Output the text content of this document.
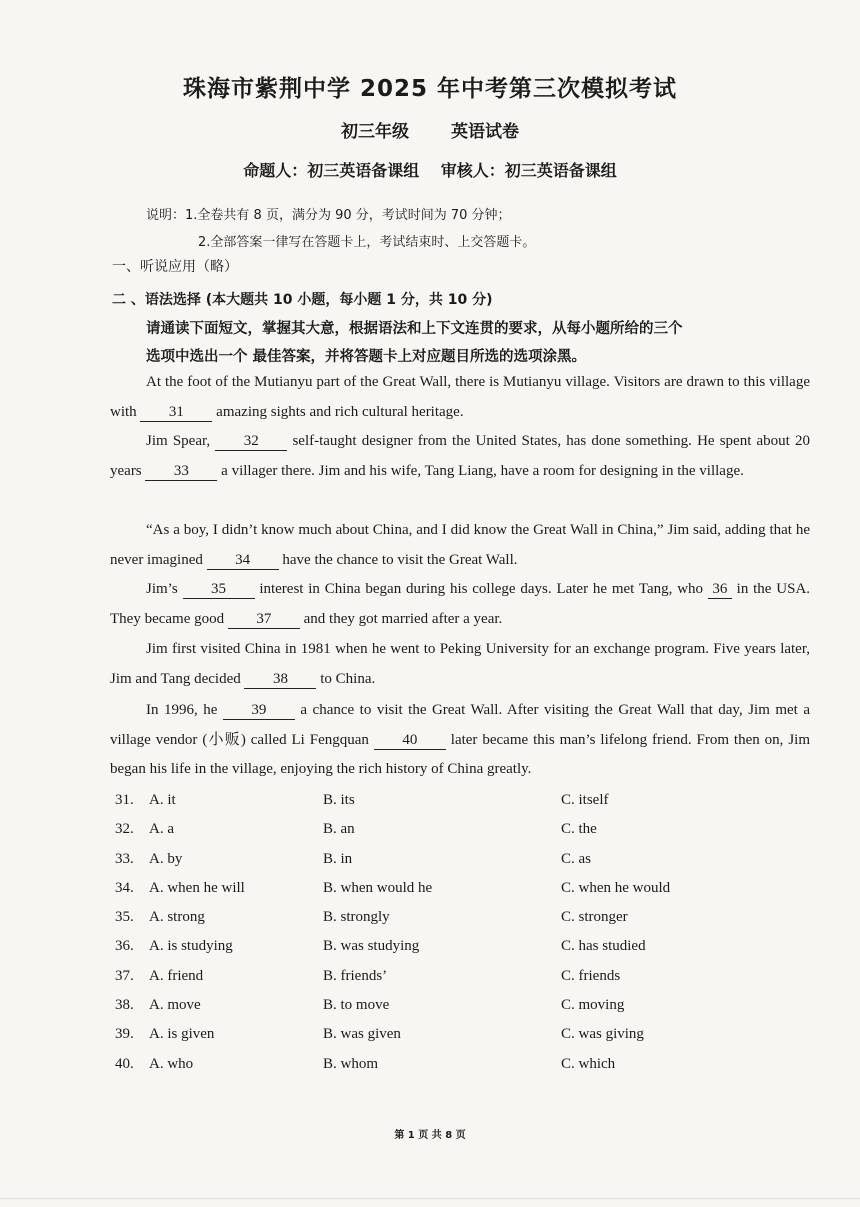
珠海市紫荆中学 2025 年中考第三次模拟考试
初三年级 英语试卷
命题人：初三英语备课组 审核人：初三英语备课组
说明：1.全卷共有 8 页，满分为 90 分，考试时间为 70 分钟；
2.全部答案一律写在答题卡上，考试结束时、上交答题卡。
一、听说应用（略）
二 、语法选择 (本大题共 10 小题，每小题 1 分，共 10 分)
请通读下面短文，掌握其大意，根据语法和上下文连贯的要求，从每小题所给的三个
选项中选出一个 最佳答案，并将答题卡上对应题目所选的选项涂黑。
At the foot of the Mutianyu part of the Great Wall, there is Mutianyu village. Visitors are drawn to this village with 31 amazing sights and rich cultural heritage.
Jim Spear, 32 self-taught designer from the United States, has done something. He spent about 20 years 33 a villager there. Jim and his wife, Tang Liang, have a room for designing in the village.
“As a boy, I didn’t know much about China, and I did know the Great Wall in China,” Jim said, adding that he never imagined 34 have the chance to visit the Great Wall.
Jim’s 35 interest in China began during his college days. Later he met Tang, who 36 in the USA. They became good 37 and they got married after a year.
Jim first visited China in 1981 when he went to Peking University for an exchange program. Five years later, Jim and Tang decided 38 to China.
In 1996, he 39 a chance to visit the Great Wall. After visiting the Great Wall that day, Jim met a village vendor (小贩) called Li Fengquan 40 later became this man’s lifelong friend. From then on, Jim began his life in the village, enjoying the rich history of China greatly.
31. A. it	B. its	C. itself
32. A. a	B. an	C. the
33. A. by	B. in	C. as
34. A. when he will	B. when would he	C. when he would
35. A. strong	B. strongly	C. stronger
36. A. is studying	B. was studying	C. has studied
37. A. friend	B. friends’	C. friends
38. A. move	B. to move	C. moving
39. A. is given	B. was given	C. was giving
40. A. who	B. whom	C. which
第 1 页 共 8 页
